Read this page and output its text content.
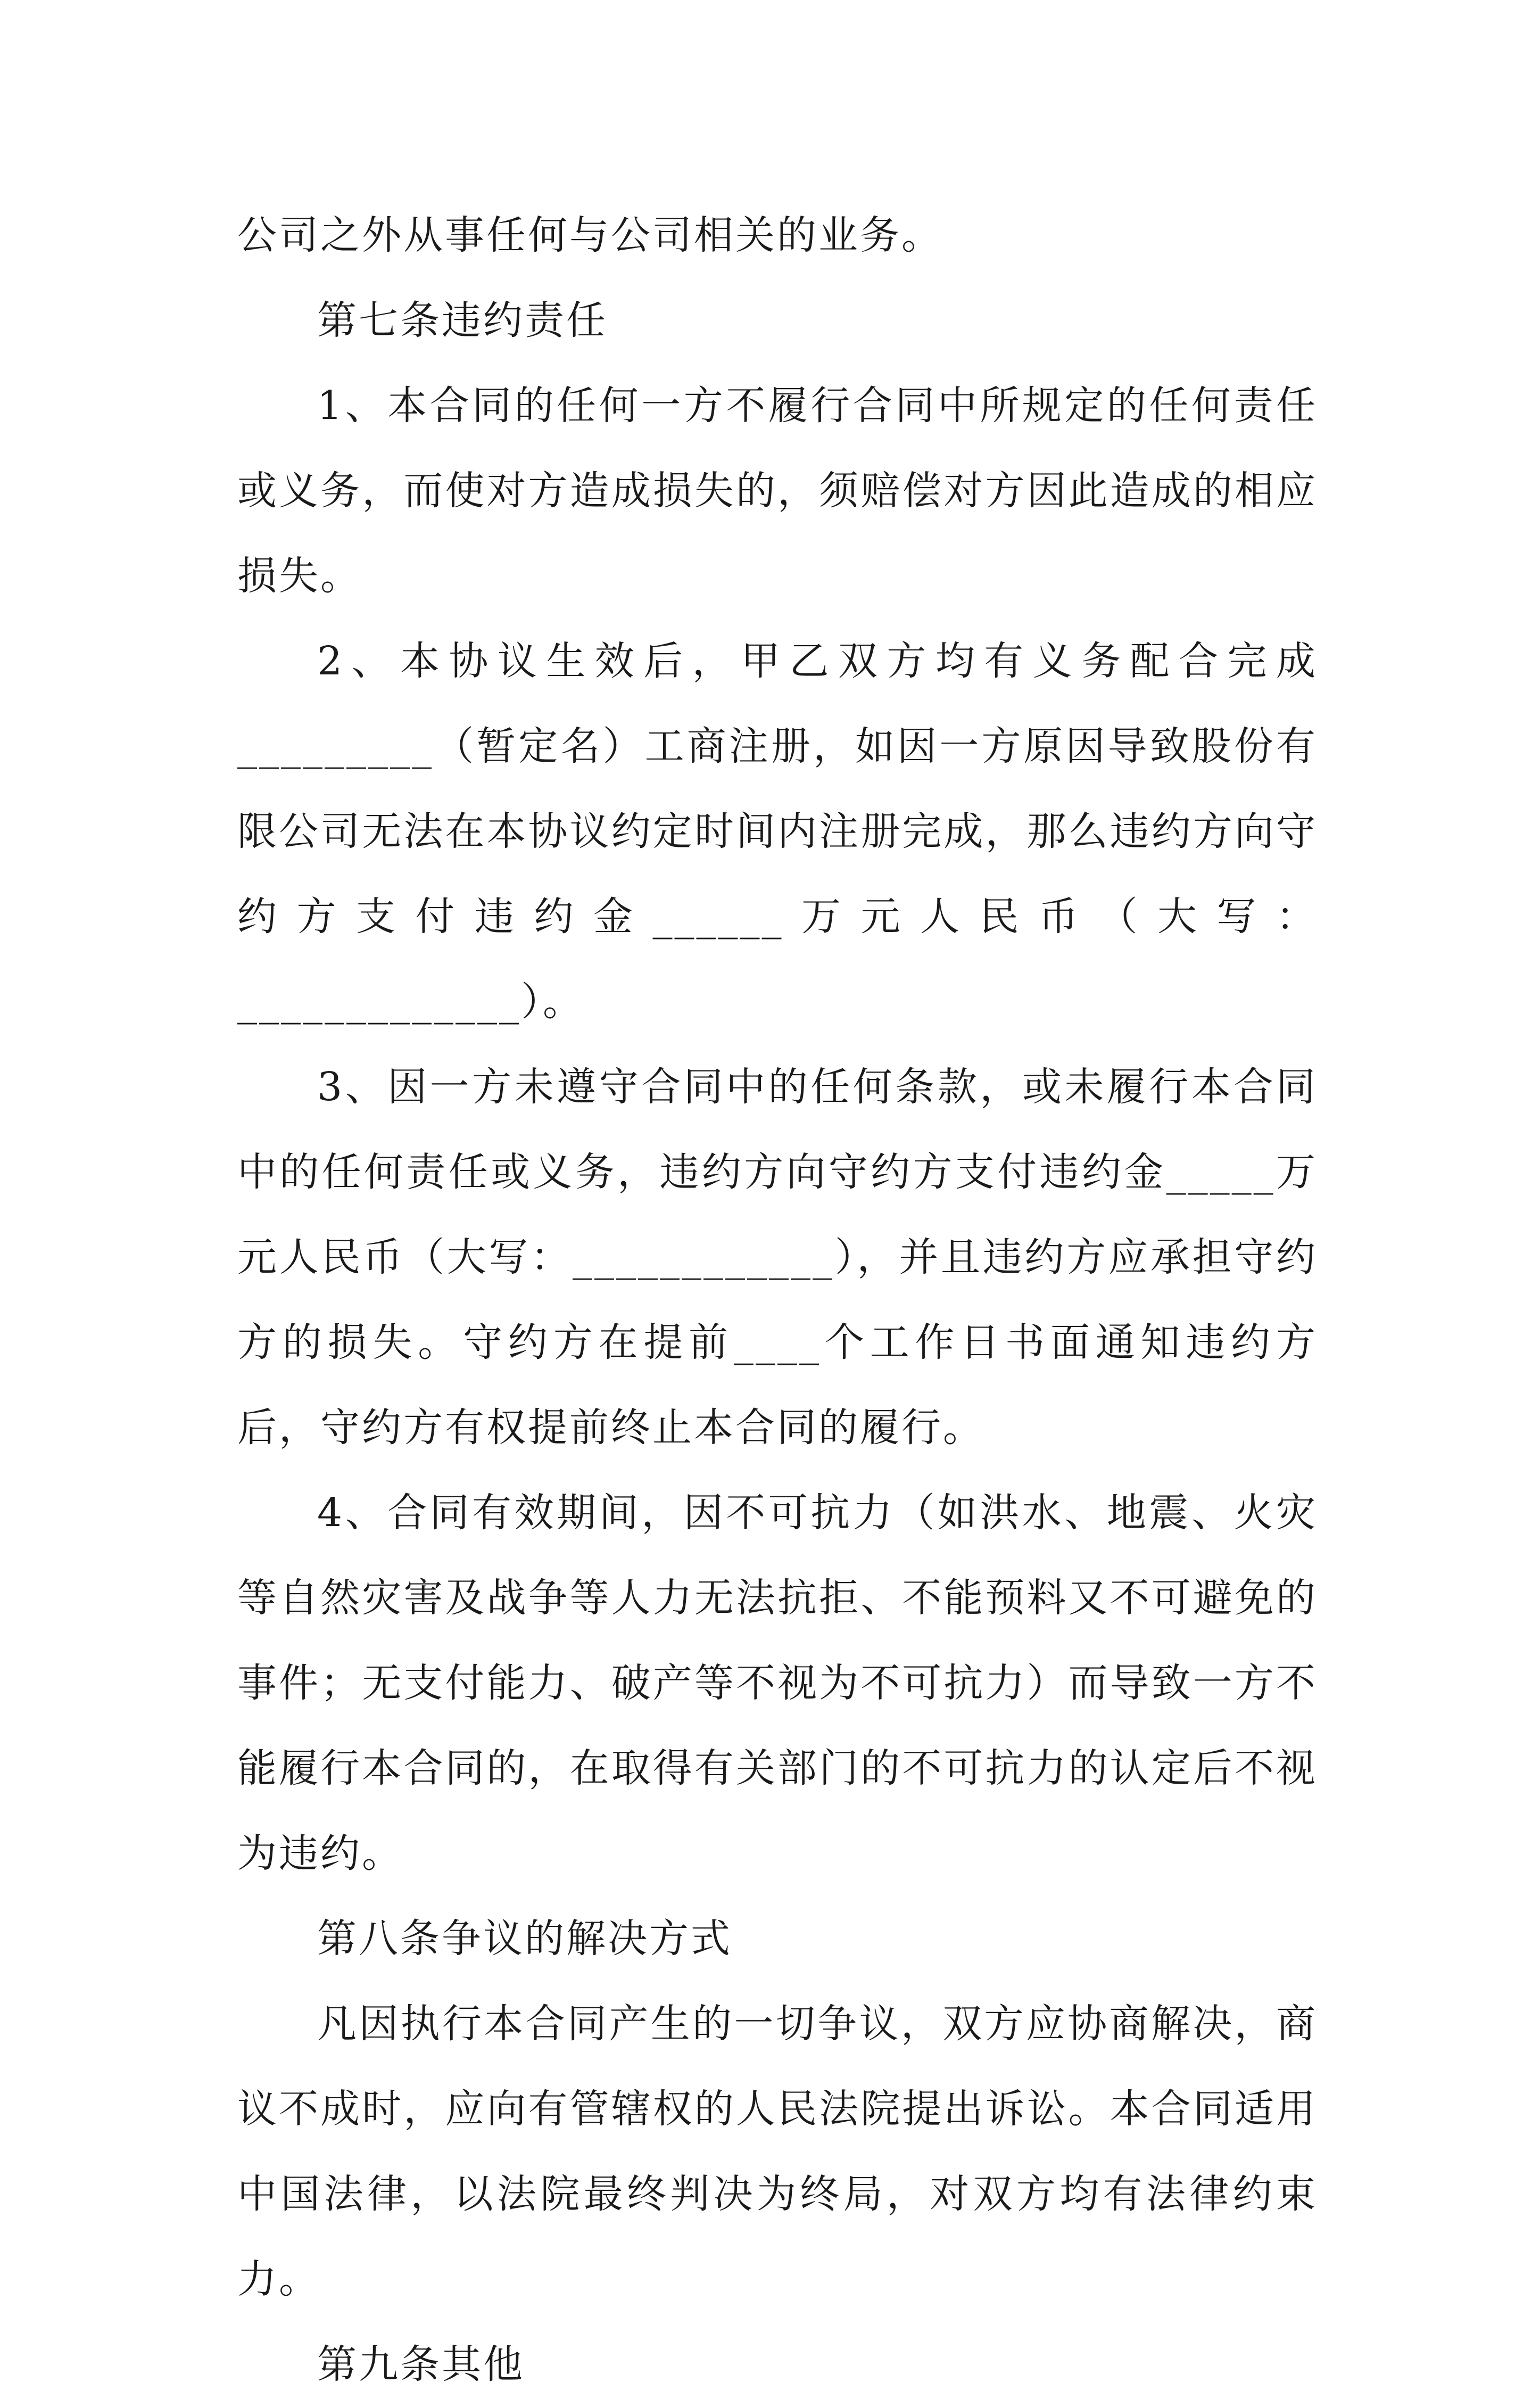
公司之外从事任何与公司相关的业务。

第七条违约责任

1、本合同的任何一方不履行合同中所规定的任何责任或义务，而使对方造成损失的，须赔偿对方因此造成的相应损失。

2、本协议生效后，甲乙双方均有义务配合完成_________（暂定名）工商注册，如因一方原因导致股份有限公司无法在本协议约定时间内注册完成，那么违约方向守约方支付违约金______万元人民币（大写：_____________）。

3、因一方未遵守合同中的任何条款，或未履行本合同中的任何责任或义务，违约方向守约方支付违约金_____万元人民币（大写：____________），并且违约方应承担守约方的损失。守约方在提前____个工作日书面通知违约方后，守约方有权提前终止本合同的履行。

4、合同有效期间，因不可抗力（如洪水、地震、火灾等自然灾害及战争等人力无法抗拒、不能预料又不可避免的事件；无支付能力、破产等不视为不可抗力）而导致一方不能履行本合同的，在取得有关部门的不可抗力的认定后不视为违约。

第八条争议的解决方式

凡因执行本合同产生的一切争议，双方应协商解决，商议不成时，应向有管辖权的人民法院提出诉讼。本合同适用中国法律，以法院最终判决为终局，对双方均有法律约束力。

第九条其他
